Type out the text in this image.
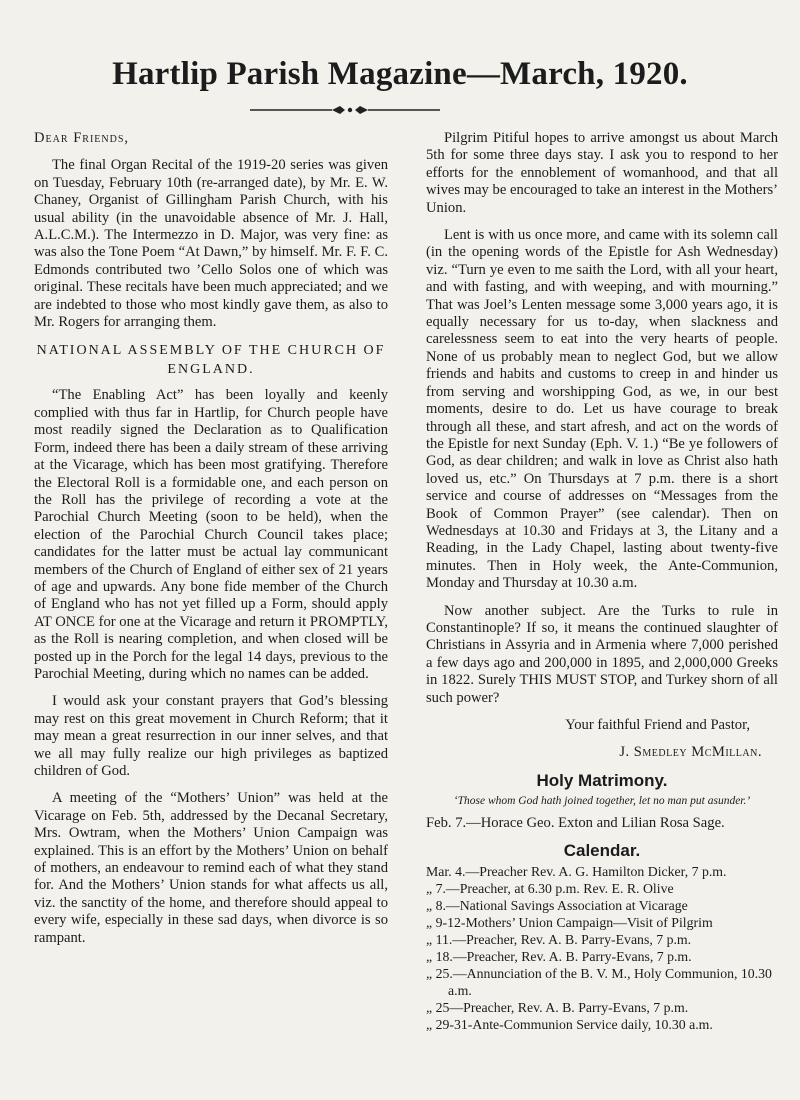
Hartlip Parish Magazine—March, 1920.

Dear Friends,

The final Organ Recital of the 1919-20 series was given on Tuesday, February 10th (re-arranged date), by Mr. E. W. Chaney, Organist of Gillingham Parish Church, with his usual ability (in the unavoidable absence of Mr. J. Hall, A.L.C.M.). The Intermezzo in D. Major, was very fine: as was also the Tone Poem “At Dawn,” by himself. Mr. F. F. C. Edmonds contributed two ’Cello Solos one of which was original. These recitals have been much appreciated; and we are indebted to those who most kindly gave them, as also to Mr. Rogers for arranging them.

NATIONAL ASSEMBLY OF THE CHURCH OF ENGLAND.

“The Enabling Act” has been loyally and keenly complied with thus far in Hartlip, for Church people have most readily signed the Declaration as to Qualification Form, indeed there has been a daily stream of these arriving at the Vicarage, which has been most gratifying. Therefore the Electoral Roll is a formidable one, and each person on the Roll has the privilege of recording a vote at the Parochial Church Meeting (soon to be held), when the election of the Parochial Church Council takes place; candidates for the latter must be actual lay communicant members of the Church of England of either sex of 21 years of age and upwards. Any bone fide member of the Church of England who has not yet filled up a Form, should apply AT ONCE for one at the Vicarage and return it PROMPTLY, as the Roll is nearing completion, and when closed will be posted up in the Porch for the legal 14 days, previous to the Parochial Meeting, during which no names can be added.

I would ask your constant prayers that God’s blessing may rest on this great movement in Church Reform; that it may mean a great resurrection in our inner selves, and that we all may fully realize our high privileges as baptized children of God.

A meeting of the “Mothers’ Union” was held at the Vicarage on Feb. 5th, addressed by the Decanal Secretary, Mrs. Owtram, when the Mothers’ Union Campaign was explained. This is an effort by the Mothers’ Union on behalf of mothers, an endeavour to remind each of what they stand for. And the Mothers’ Union stands for what affects us all, viz. the sanctity of the home, and therefore should appeal to every wife, especially in these sad days, when divorce is so rampant.

Pilgrim Pitiful hopes to arrive amongst us about March 5th for some three days stay. I ask you to respond to her efforts for the ennoblement of womanhood, and that all wives may be encouraged to take an interest in the Mothers’ Union.

Lent is with us once more, and came with its solemn call (in the opening words of the Epistle for Ash Wednesday) viz. “Turn ye even to me saith the Lord, with all your heart, and with fasting, and with weeping, and with mourning.” That was Joel’s Lenten message some 3,000 years ago, it is equally necessary for us to-day, when slackness and carelessness seem to eat into the very hearts of people. None of us probably mean to neglect God, but we allow friends and habits and customs to creep in and hinder us from serving and worshipping God, as we, in our best moments, desire to do. Let us have courage to break through all these, and start afresh, and act on the words of the Epistle for next Sunday (Eph. V. 1.) “Be ye followers of God, as dear children; and walk in love as Christ also hath loved us, etc.” On Thursdays at 7 p.m. there is a short service and course of addresses on “Messages from the Book of Common Prayer” (see calendar). Then on Wednesdays at 10.30 and Fridays at 3, the Litany and a Reading, in the Lady Chapel, lasting about twenty-five minutes. Then in Holy week, the Ante-Communion, Monday and Thursday at 10.30 a.m.

Now another subject. Are the Turks to rule in Constantinople? If so, it means the continued slaughter of Christians in Assyria and in Armenia where 7,000 perished a few days ago and 200,000 in 1895, and 2,000,000 Greeks in 1822. Surely THIS MUST STOP, and Turkey shorn of all such power?

Your faithful Friend and Pastor,

J. Smedley McMillan.

Holy Matrimony.
‘Those whom God hath joined together, let no man put asunder.’

Feb. 7.—Horace Geo. Exton and Lilian Rosa Sage.

Calendar.
Mar. 4.—Preacher Rev. A. G. Hamilton Dicker, 7 p.m.
„ 7.—Preacher, at 6.30 p.m. Rev. E. R. Olive
„ 8.—National Savings Association at Vicarage
„ 9-12-Mothers’ Union Campaign—Visit of Pilgrim
„ 11.—Preacher, Rev. A. B. Parry-Evans, 7 p.m.
„ 18.—Preacher, Rev. A. B. Parry-Evans, 7 p.m.
„ 25.—Annunciation of the B. V. M., Holy Communion, 10.30 a.m.
„ 25—Preacher, Rev. A. B. Parry-Evans, 7 p.m.
„ 29-31-Ante-Communion Service daily, 10.30 a.m.
